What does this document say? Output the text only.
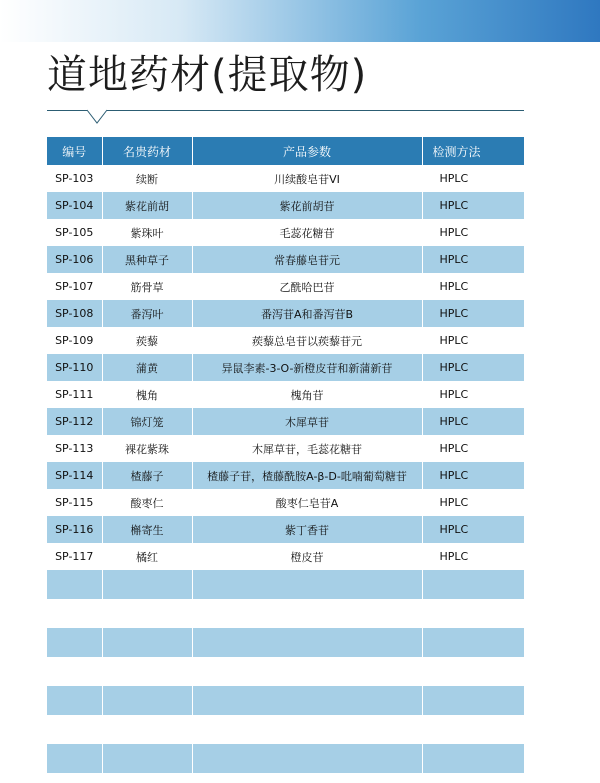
道地药材(提取物)
编号	名贵药材	产品参数	检测方法
SP-103	续断	川续酸皂苷VI	HPLC
SP-104	紫花前胡	紫花前胡苷	HPLC
SP-105	紫珠叶	毛蕊花糖苷	HPLC
SP-106	黑种草子	常春藤皂苷元	HPLC
SP-107	筋骨草	乙酰哈巴苷	HPLC
SP-108	番泻叶	番泻苷A和番泻苷B	HPLC
SP-109	蒺藜	蒺藜总皂苷以蒺藜苷元	HPLC
SP-110	蒲黄	异鼠李素-3-O-新橙皮苷和新蒲新苷	HPLC
SP-111	槐角	槐角苷	HPLC
SP-112	锦灯笼	木犀草苷	HPLC
SP-113	裸花紫珠	木犀草苷，毛蕊花糖苷	HPLC
SP-114	楂藤子	楂藤子苷，楂藤酰胺A-β-D-吡喃葡萄糖苷	HPLC
SP-115	酸枣仁	酸枣仁皂苷A	HPLC
SP-116	槲寄生	紫丁香苷	HPLC
SP-117	橘红	橙皮苷	HPLC
